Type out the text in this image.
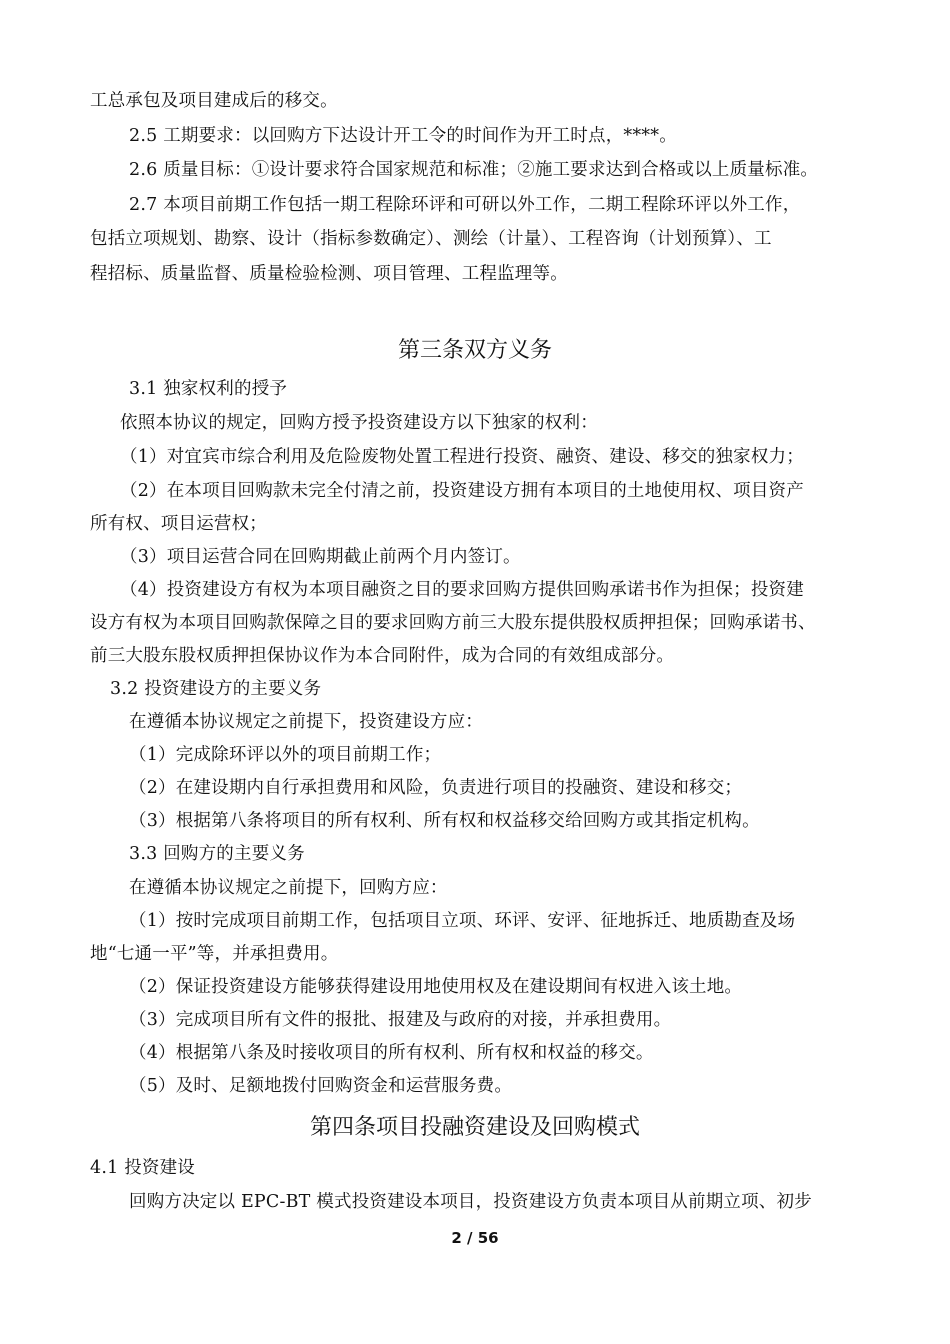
工总承包及项目建成后的移交。
2.5 工期要求：以回购方下达设计开工令的时间作为开工时点，****。
2.6 质量目标：①设计要求符合国家规范和标准；②施工要求达到合格或以上质量标准。
2.7 本项目前期工作包括一期工程除环评和可研以外工作，二期工程除环评以外工作，
包括立项规划、勘察、设计（指标参数确定）、测绘（计量）、工程咨询（计划预算）、工
程招标、质量监督、质量检验检测、项目管理、工程监理等。
第三条双方义务
3.1 独家权利的授予
依照本协议的规定，回购方授予投资建设方以下独家的权利：
（1）对宜宾市综合利用及危险废物处置工程进行投资、融资、建设、移交的独家权力；
（2）在本项目回购款未完全付清之前，投资建设方拥有本项目的土地使用权、项目资产
所有权、项目运营权；
（3）项目运营合同在回购期截止前两个月内签订。
（4）投资建设方有权为本项目融资之目的要求回购方提供回购承诺书作为担保；投资建
设方有权为本项目回购款保障之目的要求回购方前三大股东提供股权质押担保；回购承诺书、
前三大股东股权质押担保协议作为本合同附件，成为合同的有效组成部分。
3.2 投资建设方的主要义务
在遵循本协议规定之前提下，投资建设方应：
（1）完成除环评以外的项目前期工作；
（2）在建设期内自行承担费用和风险，负责进行项目的投融资、建设和移交；
（3）根据第八条将项目的所有权利、所有权和权益移交给回购方或其指定机构。
3.3 回购方的主要义务
在遵循本协议规定之前提下，回购方应：
（1）按时完成项目前期工作，包括项目立项、环评、安评、征地拆迁、地质勘查及场
地“七通一平”等，并承担费用。
（2）保证投资建设方能够获得建设用地使用权及在建设期间有权进入该土地。
（3）完成项目所有文件的报批、报建及与政府的对接，并承担费用。
（4）根据第八条及时接收项目的所有权利、所有权和权益的移交。
（5）及时、足额地拨付回购资金和运营服务费。
第四条项目投融资建设及回购模式
4.1 投资建设
回购方决定以 EPC-BT 模式投资建设本项目，投资建设方负责本项目从前期立项、初步
2 / 56
